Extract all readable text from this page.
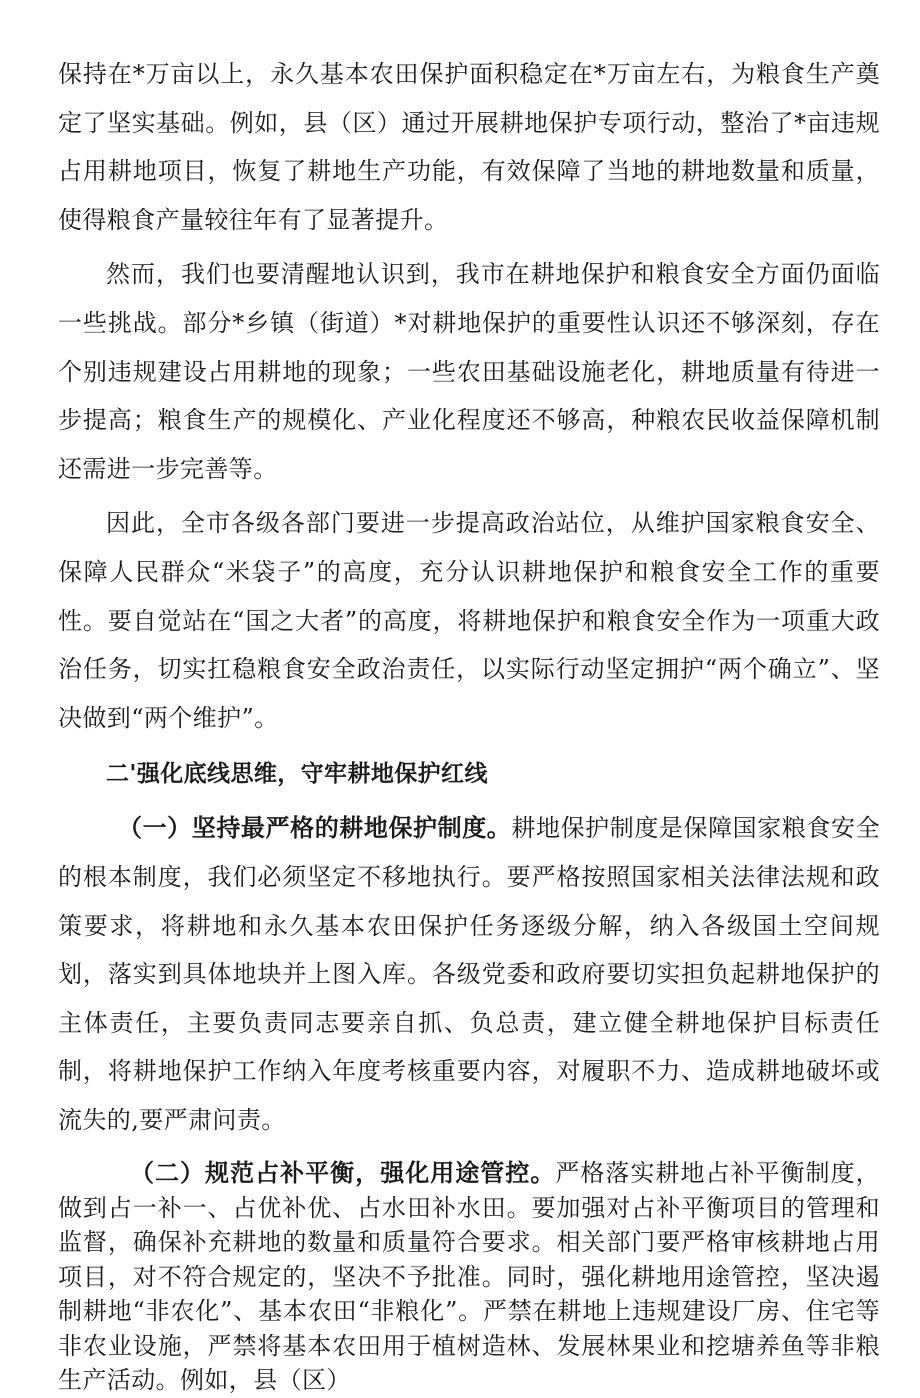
保持在*万亩以上，永久基本农田保护面积稳定在*万亩左右，为粮食生产奠定了坚实基础。例如，县（区）通过开展耕地保护专项行动，整治了*亩违规占用耕地项目，恢复了耕地生产功能，有效保障了当地的耕地数量和质量，使得粮食产量较往年有了显著提升。

然而，我们也要清醒地认识到，我市在耕地保护和粮食安全方面仍面临一些挑战。部分*乡镇（街道）*对耕地保护的重要性认识还不够深刻，存在个别违规建设占用耕地的现象；一些农田基础设施老化，耕地质量有待进一步提高；粮食生产的规模化、产业化程度还不够高，种粮农民收益保障机制还需进一步完善等。

因此，全市各级各部门要进一步提高政治站位，从维护国家粮食安全、保障人民群众“米袋子”的高度，充分认识耕地保护和粮食安全工作的重要性。要自觉站在“国之大者”的高度，将耕地保护和粮食安全作为一项重大政治任务，切实扛稳粮食安全政治责任，以实际行动坚定拥护“两个确立”、坚决做到“两个维护”。

二'强化底线思维，守牢耕地保护红线

（一）坚持最严格的耕地保护制度。耕地保护制度是保障国家粮食安全的根本制度，我们必须坚定不移地执行。要严格按照国家相关法律法规和政策要求，将耕地和永久基本农田保护任务逐级分解，纳入各级国土空间规划，落实到具体地块并上图入库。各级党委和政府要切实担负起耕地保护的主体责任，主要负责同志要亲自抓、负总责，建立健全耕地保护目标责任制，将耕地保护工作纳入年度考核重要内容，对履职不力、造成耕地破坏或流失的,要严肃问责。

（二）规范占补平衡，强化用途管控。严格落实耕地占补平衡制度，做到占一补一、占优补优、占水田补水田。要加强对占补平衡项目的管理和监督，确保补充耕地的数量和质量符合要求。相关部门要严格审核耕地占用项目，对不符合规定的，坚决不予批准。同时，强化耕地用途管控，坚决遏制耕地“非农化”、基本农田“非粮化”。严禁在耕地上违规建设厂房、住宅等非农业设施，严禁将基本农田用于植树造林、发展林果业和挖塘养鱼等非粮生产活动。例如，县（区）
